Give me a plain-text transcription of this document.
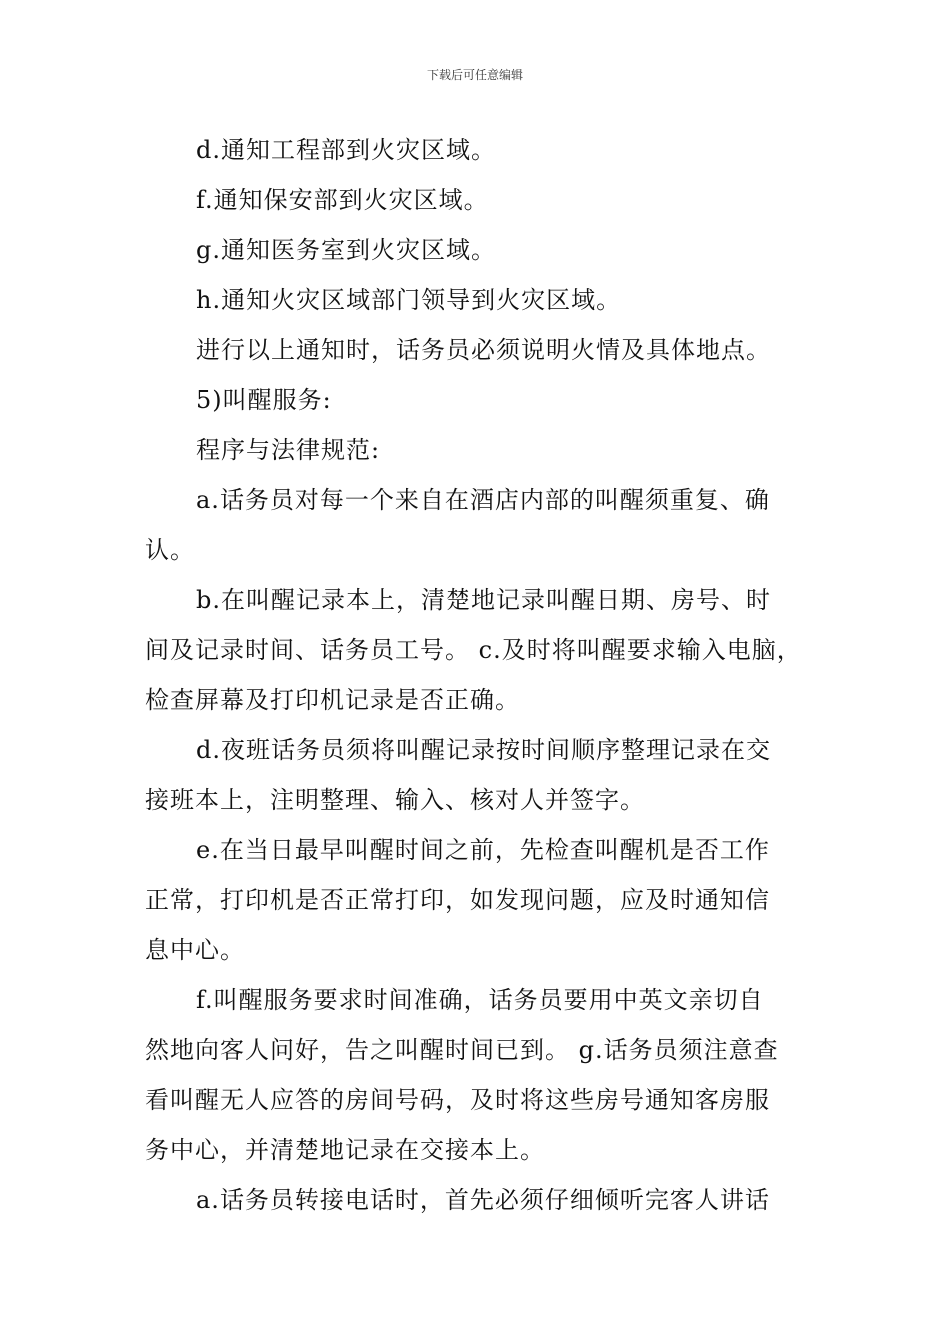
下载后可任意编辑
d.通知工程部到火灾区域。
f.通知保安部到火灾区域。
g.通知医务室到火灾区域。
h.通知火灾区域部门领导到火灾区域。
进行以上通知时，话务员必须说明火情及具体地点。
5)叫醒服务:
程序与法律规范:
a.话务员对每一个来自在酒店内部的叫醒须重复、确
认。
b.在叫醒记录本上，清楚地记录叫醒日期、房号、时
间及记录时间、话务员工号。 c.及时将叫醒要求输入电脑，
检查屏幕及打印机记录是否正确。
d.夜班话务员须将叫醒记录按时间顺序整理记录在交
接班本上，注明整理、输入、核对人并签字。
e.在当日最早叫醒时间之前，先检查叫醒机是否工作
正常，打印机是否正常打印，如发现问题，应及时通知信
息中心。
f.叫醒服务要求时间准确，话务员要用中英文亲切自
然地向客人问好，告之叫醒时间已到。 g.话务员须注意查
看叫醒无人应答的房间号码，及时将这些房号通知客房服
务中心，并清楚地记录在交接本上。
a.话务员转接电话时，首先必须仔细倾听完客人讲话
